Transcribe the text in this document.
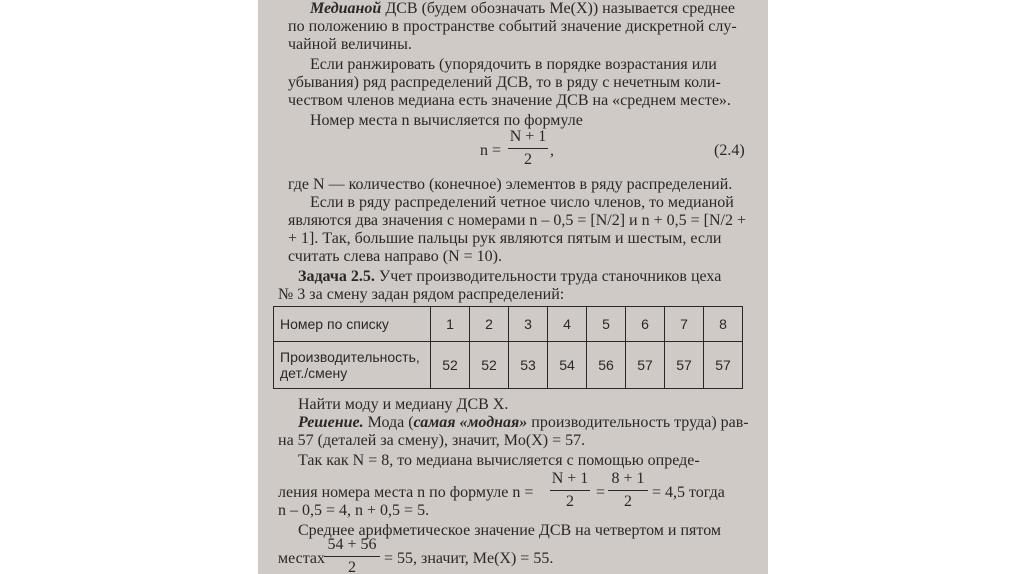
Медианой ДСВ (будем обозначать Me(X)) называется среднее
по положению в пространстве событий значение дискретной слу-
чайной величины.
Если ранжировать (упорядочить в порядке возрастания или
убывания) ряд распределений ДСВ, то в ряду с нечетным коли-
чеством членов медиана есть значение ДСВ на «среднем месте».
Номер места n вычисляется по формуле
n =
N + 1
2
,	(2.4)
где N — количество (конечное) элементов в ряду распределений.
Если в ряду распределений четное число членов, то медианой
являются два значения с номерами n – 0,5 = [N/2] и n + 0,5 = [N/2 +
+ 1]. Так, большие пальцы рук являются пятым и шестым, если
считать слева направо (N = 10).
Задача 2.5. Учет производительности труда станочников цеха
№ 3 за смену задан рядом распределений:
Номер по списку	1	2	3	4	5	6	7	8

Производительность,
дет./смену	52	52	53	54	56	57	57	57
Найти моду и медиану ДСВ X.
Решение. Мода (самая «модная» производительность труда) рав-
на 57 (деталей за смену), значит, Mo(X) = 57.
Так как N = 8, то медиана вычисляется с помощью опреде-
ления номера места n по формуле n =
N + 1
2
=
8 + 1
2
= 4,5 тогда
n – 0,5 = 4, n + 0,5 = 5.
Среднее арифметическое значение ДСВ на четвертом и пятом
местах
54 + 56
2
= 55, значит, Me(X) = 55.
